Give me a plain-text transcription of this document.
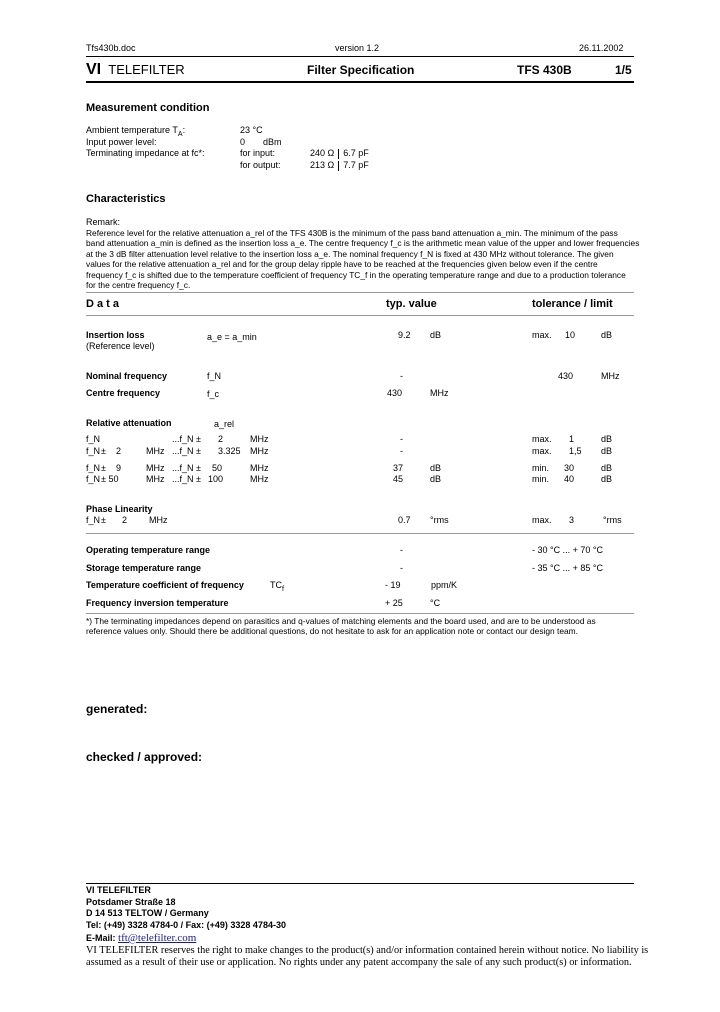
Tfs430b.doc	version 1.2	26.11.2002
VI TELEFILTER	Filter Specification	TFS 430B	1/5
Measurement condition
Ambient temperature $T_A$:	23 °C
Input power level:	0 dBm
Terminating impedance at fc*:	for input:	240 Ω 6.7 pF
for output:	213 Ω 7.7 pF
Characteristics
Remark:
Reference level for the relative attenuation a_rel of the TFS 430B is the minimum of the pass band attenuation a_min. The minimum of the pass
band attenuation a_min is defined as the insertion loss a_e. The centre frequency f_c is the arithmetic mean value of the upper and lower frequencies
at the 3 dB filter attenuation level relative to the insertion loss a_e. The nominal frequency f_N is fixed at 430 MHz without tolerance. The given
values for the relative attenuation a_rel and for the group delay ripple have to be reached at the frequencies given below even if the centre
frequency f_c is shifted due to the temperature coefficient of frequency TC_f in the operating temperature range and due to a production tolerance
for the centre frequency f_c.
D a t a	typ. value	tolerance / limit
Insertion loss
(Reference level)
a_e = a_min	9.2 dB	max. 10	dB
Nominal frequency	f_N	-	430	MHz
Centre frequency	f_c	430	MHz
Relative attenuation	a_rel
f_N	...f_N ± 2	MHz	-	max. 1	dB
f_N ± 2	MHz ...f_N ± 3.325 MHz	-	max. 1,5 dB
f_N ± 9	MHz ...f_N ± 50	MHz	37	dB	min. 30	dB
f_N ± 50	MHz ...f_N ± 100	MHz	45	dB	min. 40	dB
Phase Linearity
f_N ± 2 MHz	0.7 °rms	max. 3	°rms
Operating temperature range	-	- 30 °C ... + 70 °C
Storage temperature range	-	- 35 °C ... + 85 °C
Temperature coefficient of frequency	$TC_f$	- 19	ppm/K
Frequency inversion temperature	+ 25	°C
*) The terminating impedances depend on parasitics and q-values of matching elements and the board used, and are to be understood as
reference values only. Should there be additional questions, do not hesitate to ask for an application note or contact our design team.
generated:
checked / approved:
VI TELEFILTER
Potsdamer Straße 18
D 14 513 TELTOW / Germany
Tel: (+49) 3328 4784-0 / Fax: (+49) 3328 4784-30
E-Mail: tft@telefilter.com
VI TELEFILTER reserves the right to make changes to the product(s) and/or information contained herein without notice. No liability is
assumed as a result of their use or application. No rights under any patent accompany the sale of any such product(s) or information.
